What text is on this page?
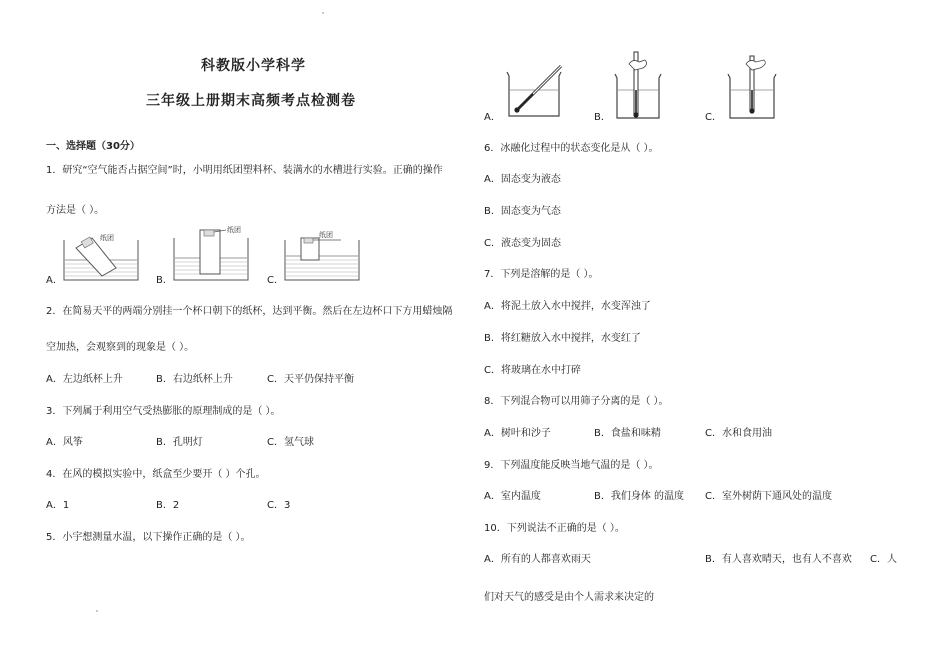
科教版小学科学
三年级上册期末高频考点检测卷
一、选择题（30分）
1．研究“空气能否占据空间”时，小明用纸团塑料杯、装满水的水槽进行实验。正确的操作
方法是（ ）。
A．	B．	C．
纸团
纸团
纸团
2．在简易天平的两端分别挂一个杯口朝下的纸杯，达到平衡。然后在左边杯口下方用蜡烛隔
空加热，会观察到的现象是（ ）。
A．左边纸杯上升	B．右边纸杯上升	C．天平仍保持平衡
3．下列属于利用空气受热膨胀的原理制成的是（ ）。
A．风筝	B．孔明灯	C．氢气球
4．在风的模拟实验中，纸盒至少要开（ ）个孔。
A．1	B．2	C．3
5．小宇想测量水温，以下操作正确的是（ ）。
A．	B．	C．
6．冰融化过程中的状态变化是从（ ）。
A．固态变为液态
B．固态变为气态
C．液态变为固态
7．下列是溶解的是（ ）。
A．将泥土放入水中搅拌，水变浑浊了
B．将红糖放入水中搅拌，水变红了
C．将玻璃在水中打碎
8．下列混合物可以用筛子分离的是（ ）。
A．树叶和沙子	B．食盐和味精	C．水和食用油
9．下列温度能反映当地气温的是（ ）。
A．室内温度	B．我们身体 的温度 C．室外树荫下通风处的温度
10．下列说法不正确的是（ ）。
A．所有的人都喜欢雨天	B．有人喜欢晴天，也有人不喜欢 C．人
们对天气的感受是由个人需求来决定的
